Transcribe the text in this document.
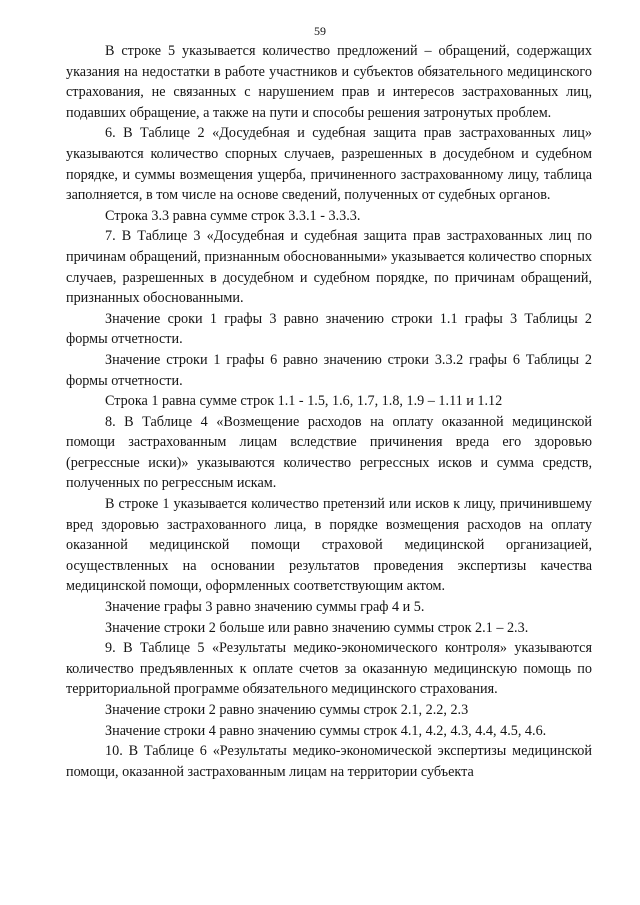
59

В строке 5 указывается количество предложений – обращений, содержащих указания на недостатки в работе участников и субъектов обязательного медицинского страхования, не связанных с нарушением прав и интересов застрахованных лиц, подавших обращение, а также на пути и способы решения затронутых проблем.

6. В Таблице 2 «Досудебная и судебная защита прав застрахованных лиц» указываются количество спорных случаев, разрешенных в досудебном и судебном порядке, и суммы возмещения ущерба, причиненного застрахованному лицу, таблица заполняется, в том числе на основе сведений, полученных от судебных органов.

Строка 3.3 равна сумме строк 3.3.1 - 3.3.3.

7. В Таблице 3 «Досудебная и судебная защита прав застрахованных лиц по причинам обращений, признанным обоснованными» указывается количество спорных случаев, разрешенных в досудебном и судебном порядке, по причинам обращений, признанных обоснованными.

Значение сроки 1 графы 3 равно значению строки 1.1 графы 3 Таблицы 2 формы отчетности.

Значение строки 1 графы 6 равно значению строки 3.3.2 графы 6 Таблицы 2 формы отчетности.

Строка 1 равна сумме строк 1.1 - 1.5, 1.6, 1.7, 1.8, 1.9 – 1.11 и 1.12

8. В Таблице 4 «Возмещение расходов на оплату оказанной медицинской помощи застрахованным лицам вследствие причинения вреда его здоровью (регрессные иски)» указываются количество регрессных исков и сумма средств, полученных по регрессным искам.

В строке 1 указывается количество претензий или исков к лицу, причинившему вред здоровью застрахованного лица, в порядке возмещения расходов на оплату оказанной медицинской помощи страховой медицинской организацией, осуществленных на основании результатов проведения экспертизы качества медицинской помощи, оформленных соответствующим актом.

Значение графы 3 равно значению суммы граф 4 и 5.

Значение строки 2 больше или равно значению суммы строк 2.1 – 2.3.

9. В Таблице 5 «Результаты медико-экономического контроля» указываются количество предъявленных к оплате счетов за оказанную медицинскую помощь по территориальной программе обязательного медицинского страхования.

Значение строки 2 равно значению суммы строк 2.1, 2.2, 2.3

Значение строки 4 равно значению суммы строк 4.1, 4.2, 4.3, 4.4, 4.5, 4.6.

10. В Таблице 6 «Результаты медико-экономической экспертизы медицинской помощи, оказанной застрахованным лицам на территории субъекта
